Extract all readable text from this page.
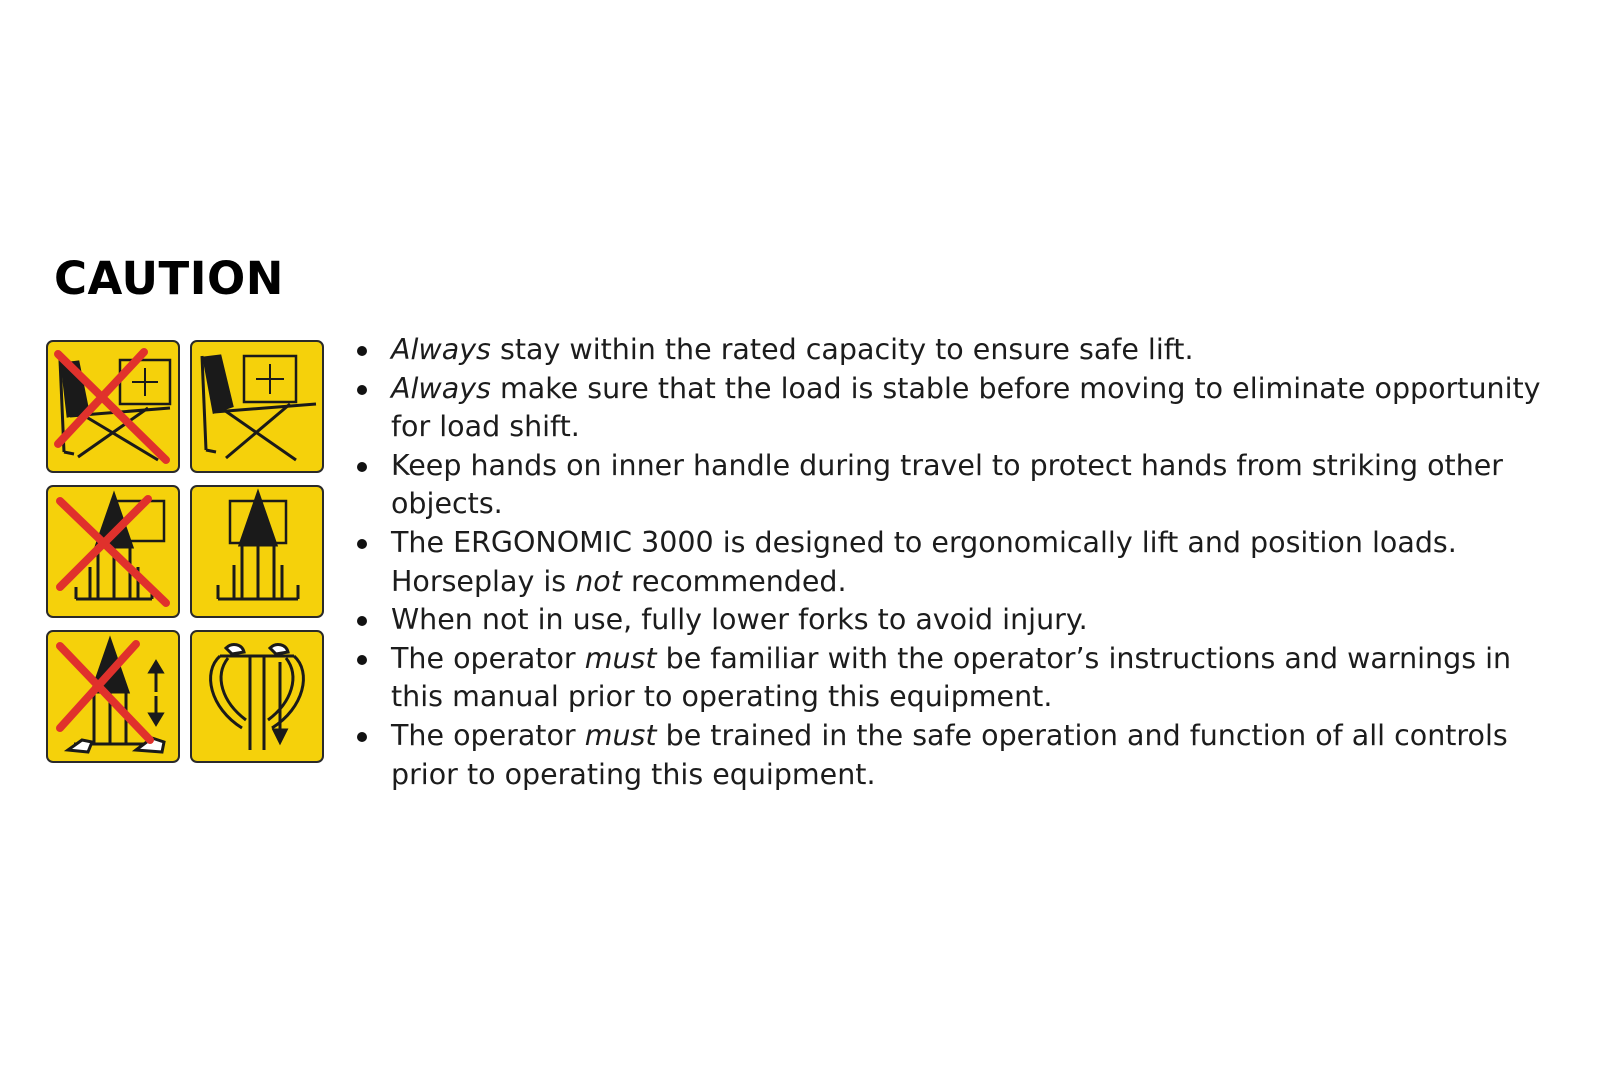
CAUTION
Always stay within the rated capacity to ensure safe lift.
Always make sure that the load is stable before moving to eliminate opportunity for load shift.
Keep hands on inner handle during travel to protect hands from striking other objects.
The ERGONOMIC 3000 is designed to ergonomically lift and position loads. Horseplay is not recommended.
When not in use, fully lower forks to avoid injury.
The operator must be familiar with the operator’s instructions and warnings in this manual prior to operating this equipment.
The operator must be trained in the safe operation and function of all controls prior to operating this equipment.
